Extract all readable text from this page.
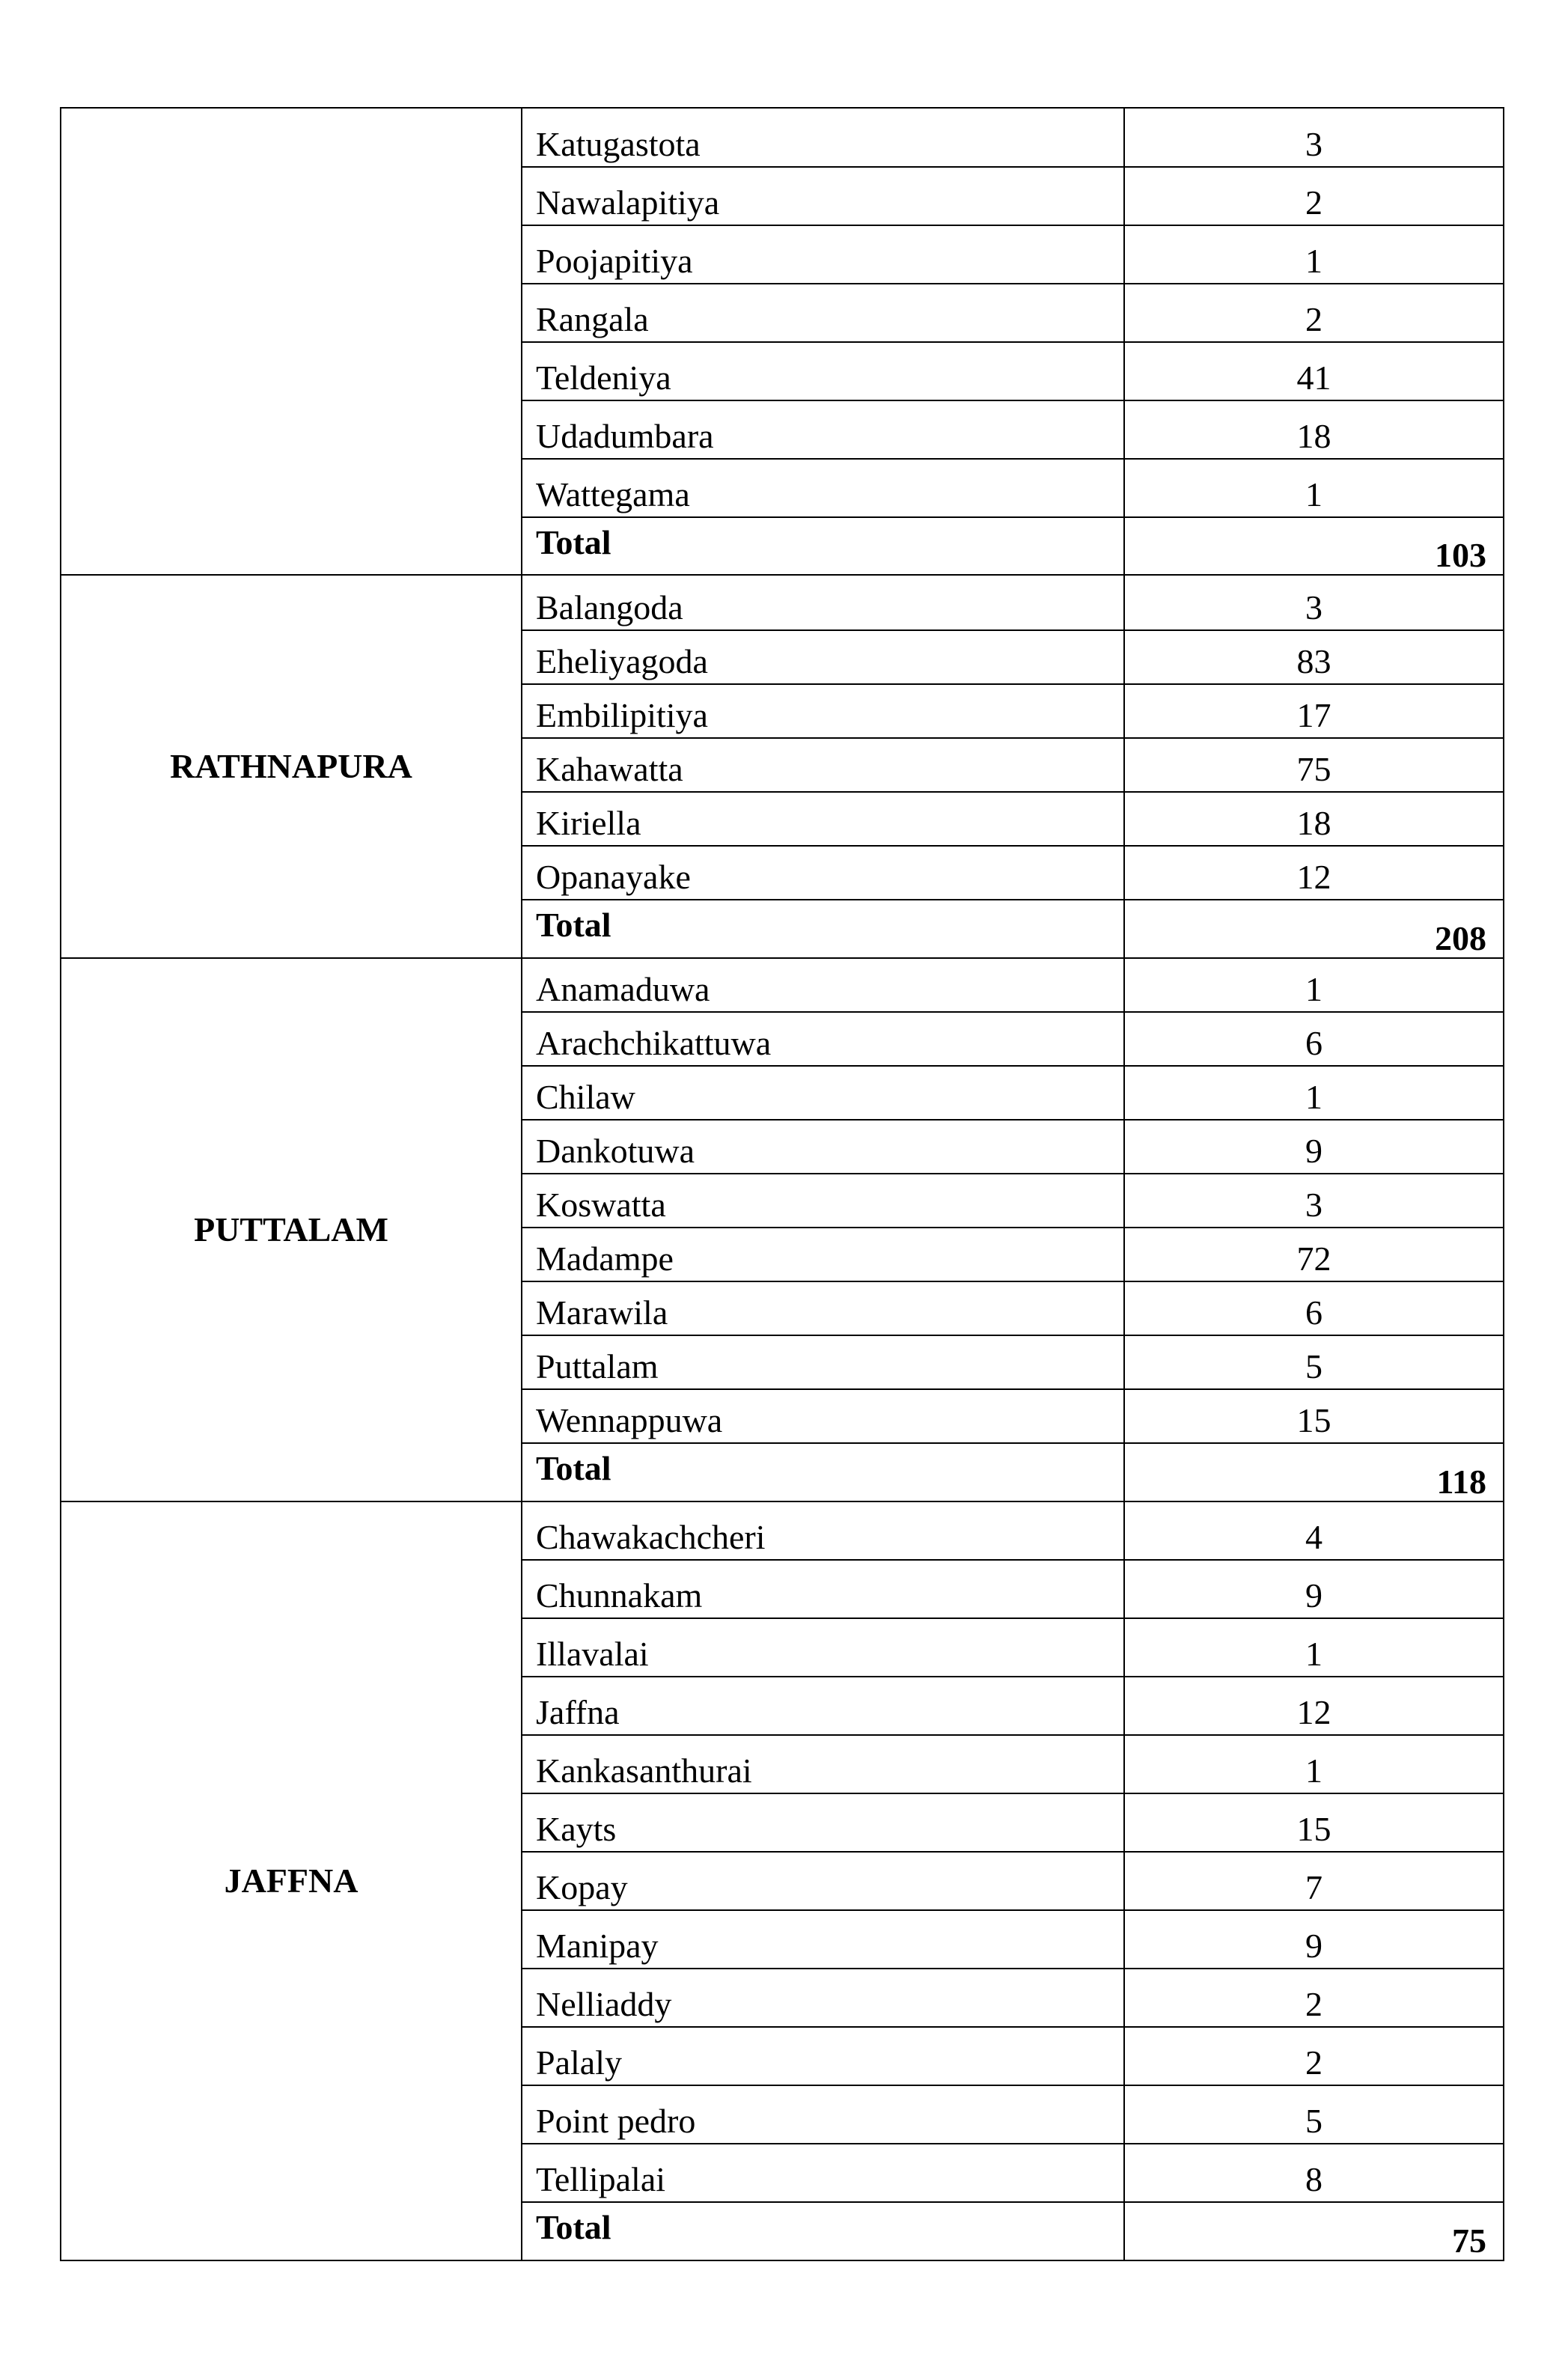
	Katugastota	3

	Nawalapitiya	2

	Poojapitiya	1

	Rangala	2

	Teldeniya	41

	Udadumbara	18

	Wattegama	1

	Total	103

RATHNAPURA	Balangoda	3

	Eheliyagoda	83

	Embilipitiya	17

	Kahawatta	75

	Kiriella	18

	Opanayake	12

	Total	208

PUTTALAM	Anamaduwa	1

	Arachchikattuwa	6

	Chilaw	1

	Dankotuwa	9

	Koswatta	3

	Madampe	72

	Marawila	6

	Puttalam	5

	Wennappuwa	15

	Total	118

JAFFNA	Chawakachcheri	4

	Chunnakam	9

	Illavalai	1

	Jaffna	12

	Kankasanthurai	1

	Kayts	15

	Kopay	7

	Manipay	9

	Nelliaddy	2

	Palaly	2

	Point pedro	5

	Tellipalai	8

	Total	75
